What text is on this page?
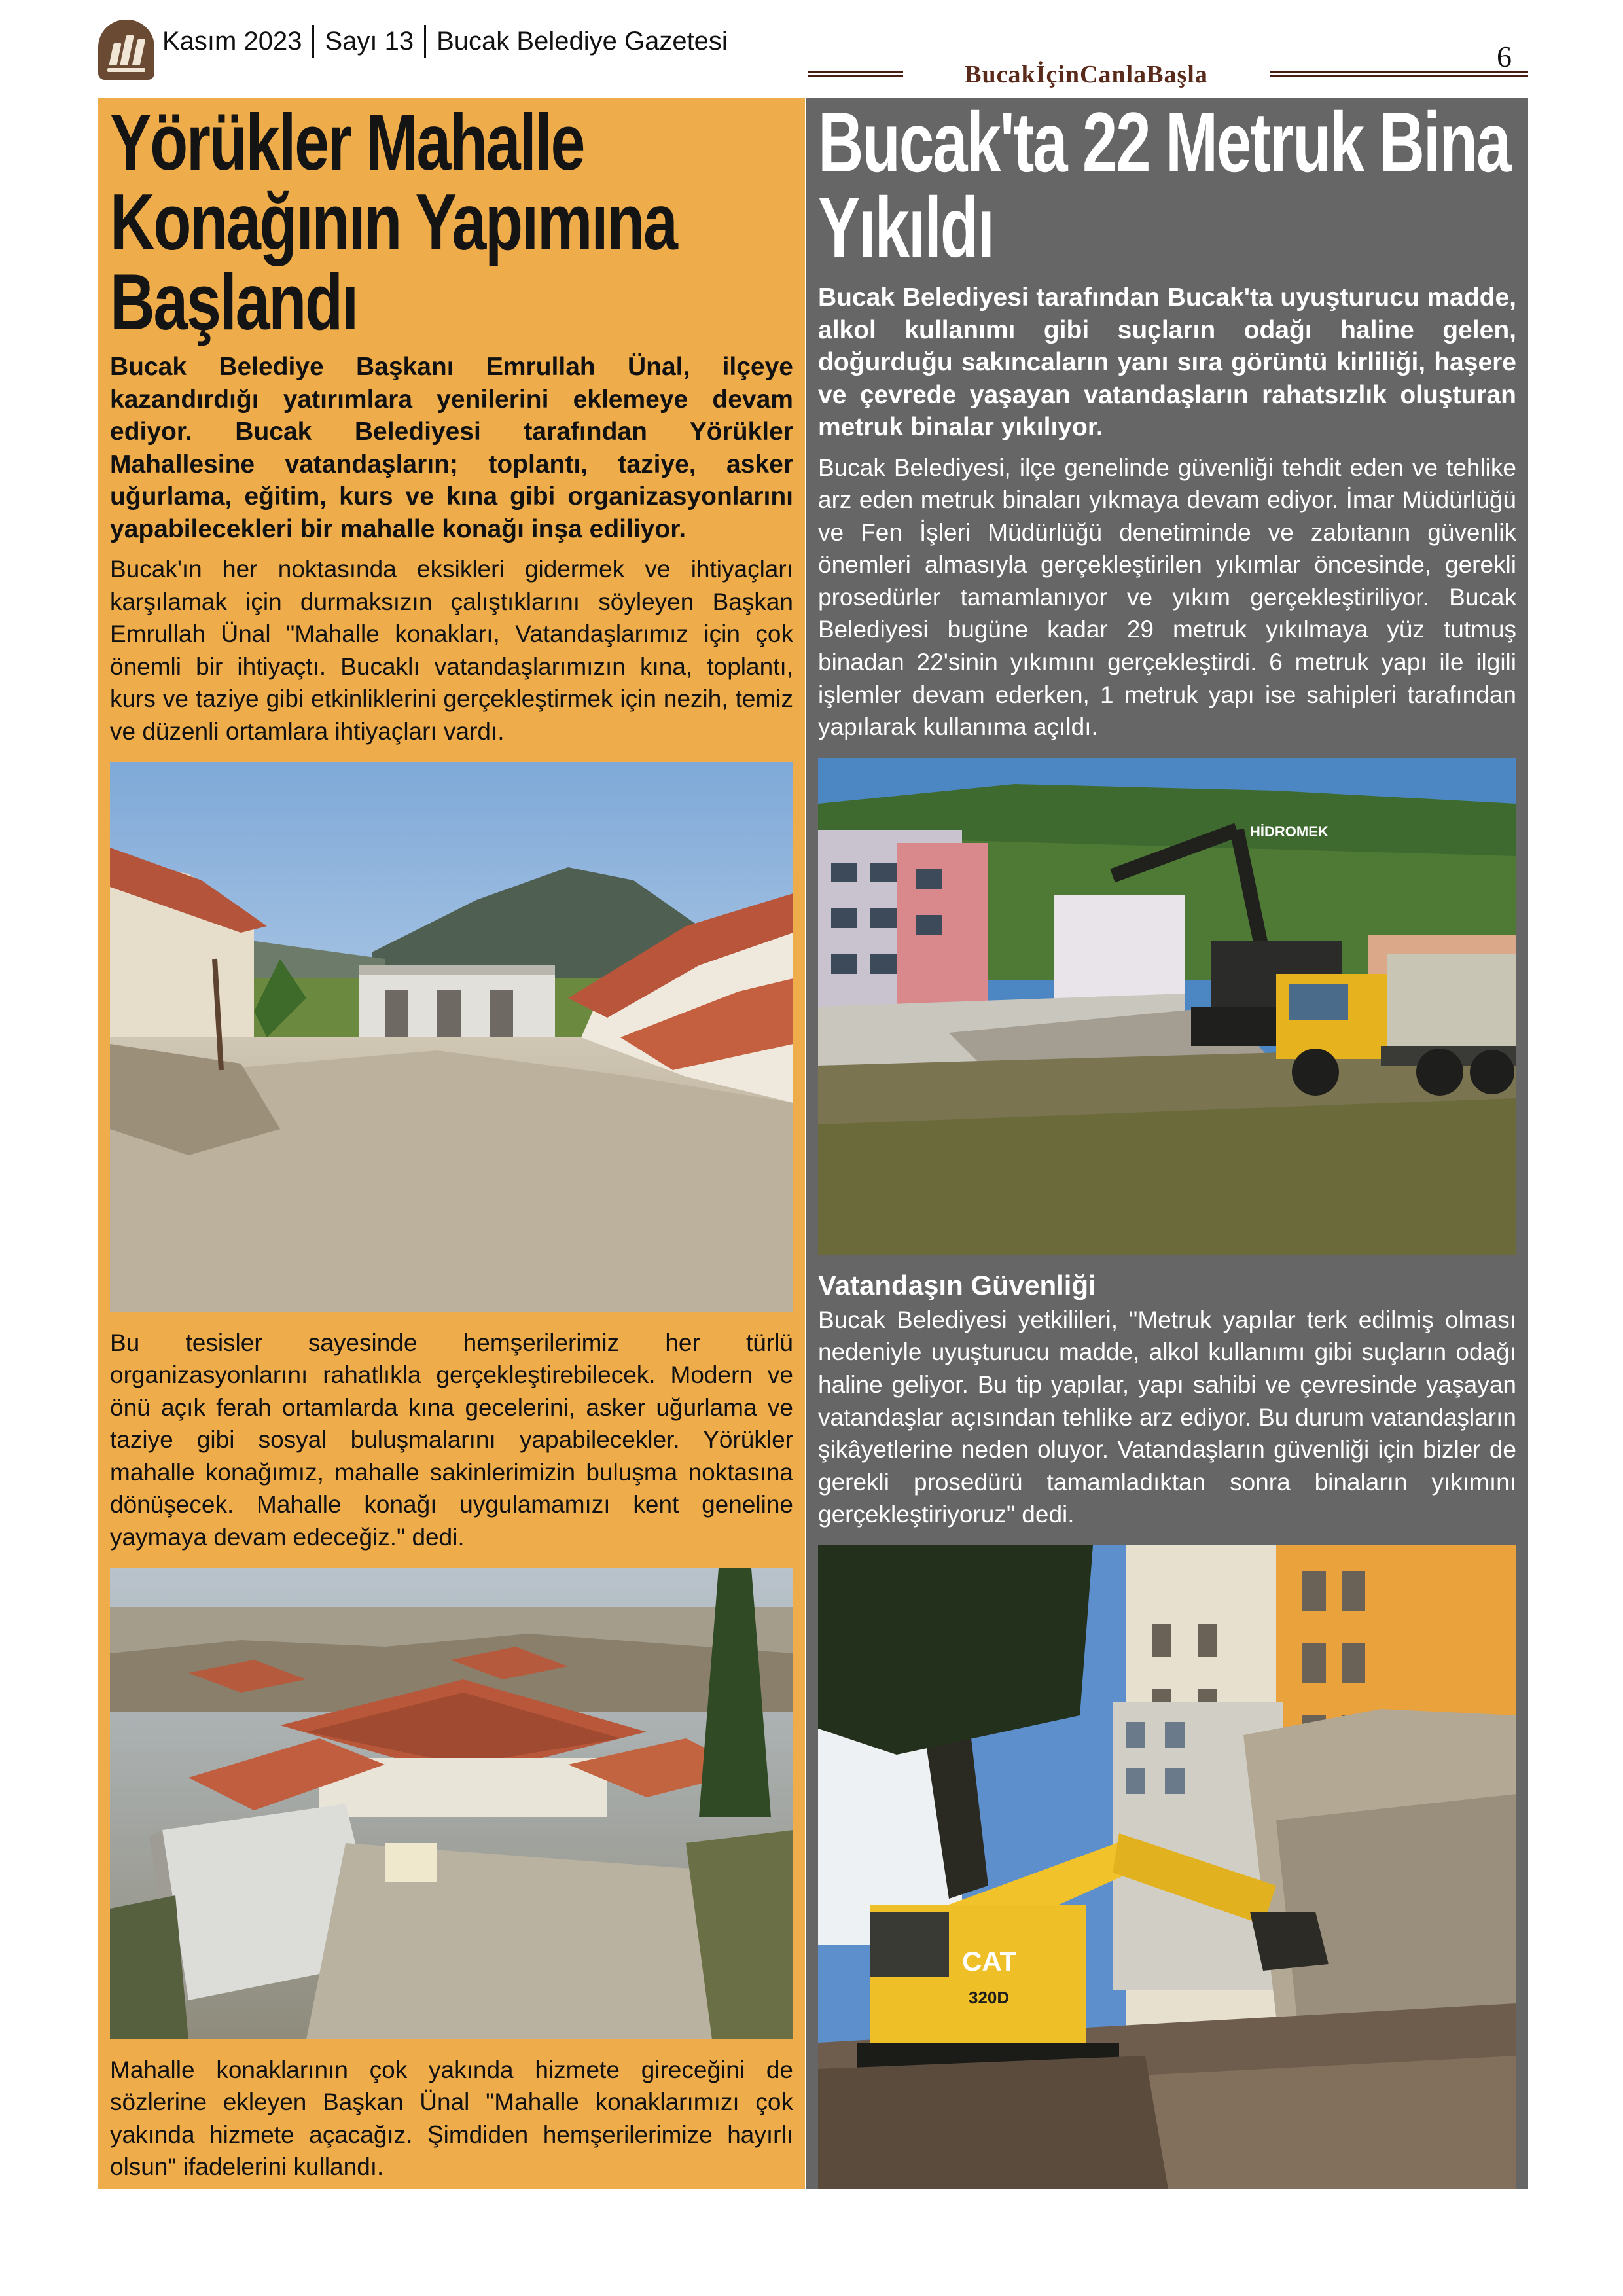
Kasım 2023 Sayı 13 Bucak Belediye Gazetesi	6
BucakİçinCanlaBaşla
Yörükler Mahalle Konağının Yapımına Başlandı

Bucak Belediye Başkanı Emrullah Ünal, ilçeye kazandırdığı yatırımlara yenilerini eklemeye devam ediyor. Bucak Belediyesi tarafından Yörükler Mahallesine vatandaşların; toplantı, taziye, asker uğurlama, eğitim, kurs ve kına gibi organizasyonlarını yapabilecekleri bir mahalle konağı inşa ediliyor.

Bucak'ın her noktasında eksikleri gidermek ve ihtiyaçları karşılamak için durmaksızın çalıştıklarını söyleyen Başkan Emrullah Ünal "Mahalle konakları, Vatandaşlarımız için çok önemli bir ihtiyaçtı. Bucaklı vatandaşlarımızın kına, toplantı, kurs ve taziye gibi etkinliklerini gerçekleştirmek için nezih, temiz ve düzenli ortamlara ihtiyaçları vardı.

Bu tesisler sayesinde hemşerilerimiz her türlü organizasyonlarını rahatlıkla gerçekleştirebilecek. Modern ve önü açık ferah ortamlarda kına gecelerini, asker uğurlama ve taziye gibi sosyal buluşmalarını yapabilecekler. Yörükler mahalle konağımız, mahalle sakinlerimizin buluşma noktasına dönüşecek. Mahalle konağı uygulamamızı kent geneline yaymaya devam edeceğiz." dedi.

Mahalle konaklarının çok yakında hizmete gireceğini de sözlerine ekleyen Başkan Ünal "Mahalle konaklarımızı çok yakında hizmete açacağız. Şimdiden hemşerilerimize hayırlı olsun" ifadelerini kullandı.

Bucak'ta 22 Metruk Bina Yıkıldı

Bucak Belediyesi tarafından Bucak'ta uyuşturucu madde, alkol kullanımı gibi suçların odağı haline gelen, doğurduğu sakıncaların yanı sıra görüntü kirliliği, haşere ve çevrede yaşayan vatandaşların rahatsızlık oluşturan metruk binalar yıkılıyor.

Bucak Belediyesi, ilçe genelinde güvenliği tehdit eden ve tehlike arz eden metruk binaları yıkmaya devam ediyor. İmar Müdürlüğü ve Fen İşleri Müdürlüğü denetiminde ve zabıtanın güvenlik önemleri almasıyla gerçekleştirilen yıkımlar öncesinde, gerekli prosedürler tamamlanıyor ve yıkım gerçekleştiriliyor. Bucak Belediyesi bugüne kadar 29 metruk yıkılmaya yüz tutmuş binadan 22'sinin yıkımını gerçekleştirdi. 6 metruk yapı ile ilgili işlemler devam ederken, 1 metruk yapı ise sahipleri tarafından yapılarak kullanıma açıldı.

HİDROMEK

Vatandaşın Güvenliği

Bucak Belediyesi yetkilileri, "Metruk yapılar terk edilmiş olması nedeniyle uyuşturucu madde, alkol kullanımı gibi suçların odağı haline geliyor. Bu tip yapılar, yapı sahibi ve çevresinde yaşayan vatandaşlar açısından tehlike arz ediyor. Bu durum vatandaşların şikâyetlerine neden oluyor. Vatandaşların güvenliği için bizler de gerekli prosedürü tamamladıktan sonra binaların yıkımını gerçekleştiriyoruz" dedi.

CAT
320D
